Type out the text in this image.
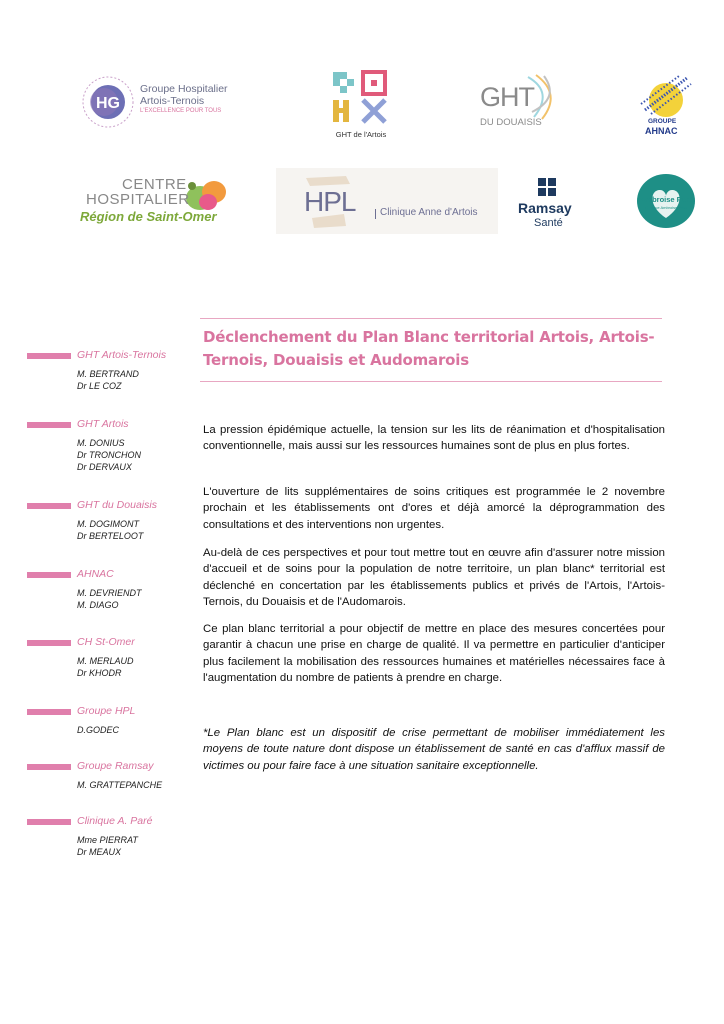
HG
Groupe Hospitalier
Artois-Ternois
L'EXCELLENCE POUR TOUS
GHT de l'Artois
GHT
DU DOUAISIS	GROUPE
AHNAC
CENTRE
HOSPITALIER
Région de Saint-Omer	HPL Clinique Anne d'Artois	Ramsay
Santé
Ambroise Paré
Clinique Ambroise Paré
Déclenchement du Plan Blanc territorial Artois, Artois-Ternois, Douaisis et Audomarois
GHT Artois-Ternois
M. BERTRAND
Dr LE COZ
GHT Artois
M. DONIUS
Dr TRONCHON
Dr DERVAUX
GHT du Douaisis
M. DOGIMONT
Dr BERTELOOT
AHNAC
M. DEVRIENDT
M. DIAGO
CH St-Omer
M. MERLAUD
Dr KHODR
Groupe HPL
D.GODEC
Groupe Ramsay
M. GRATTEPANCHE
Clinique A. Paré
Mme PIERRAT
Dr MEAUX
La pression épidémique actuelle, la tension sur les lits de réanimation et d'hospitalisation conventionnelle, mais aussi sur les ressources humaines sont de plus en plus fortes.
L'ouverture de lits supplémentaires de soins critiques est programmée le 2 novembre prochain et les établissements ont d'ores et déjà amorcé la déprogrammation des consultations et des interventions non urgentes.
Au-delà de ces perspectives et pour tout mettre tout en œuvre afin d'assurer notre mission d'accueil et de soins pour la population de notre territoire, un plan blanc* territorial est déclenché en concertation par les établissements publics et privés de l'Artois, l'Artois-Ternois, du Douaisis et de l'Audomarois.
Ce plan blanc territorial a pour objectif de mettre en place des mesures concertées pour garantir à chacun une prise en charge de qualité. Il va permettre en particulier d'anticiper plus facilement la mobilisation des ressources humaines et matérielles nécessaires face à l'augmentation du nombre de patients à prendre en charge.
*Le Plan blanc est un dispositif de crise permettant de mobiliser immédiatement les moyens de toute nature dont dispose un établissement de santé en cas d'afflux massif de victimes ou pour faire face à une situation sanitaire exceptionnelle.
